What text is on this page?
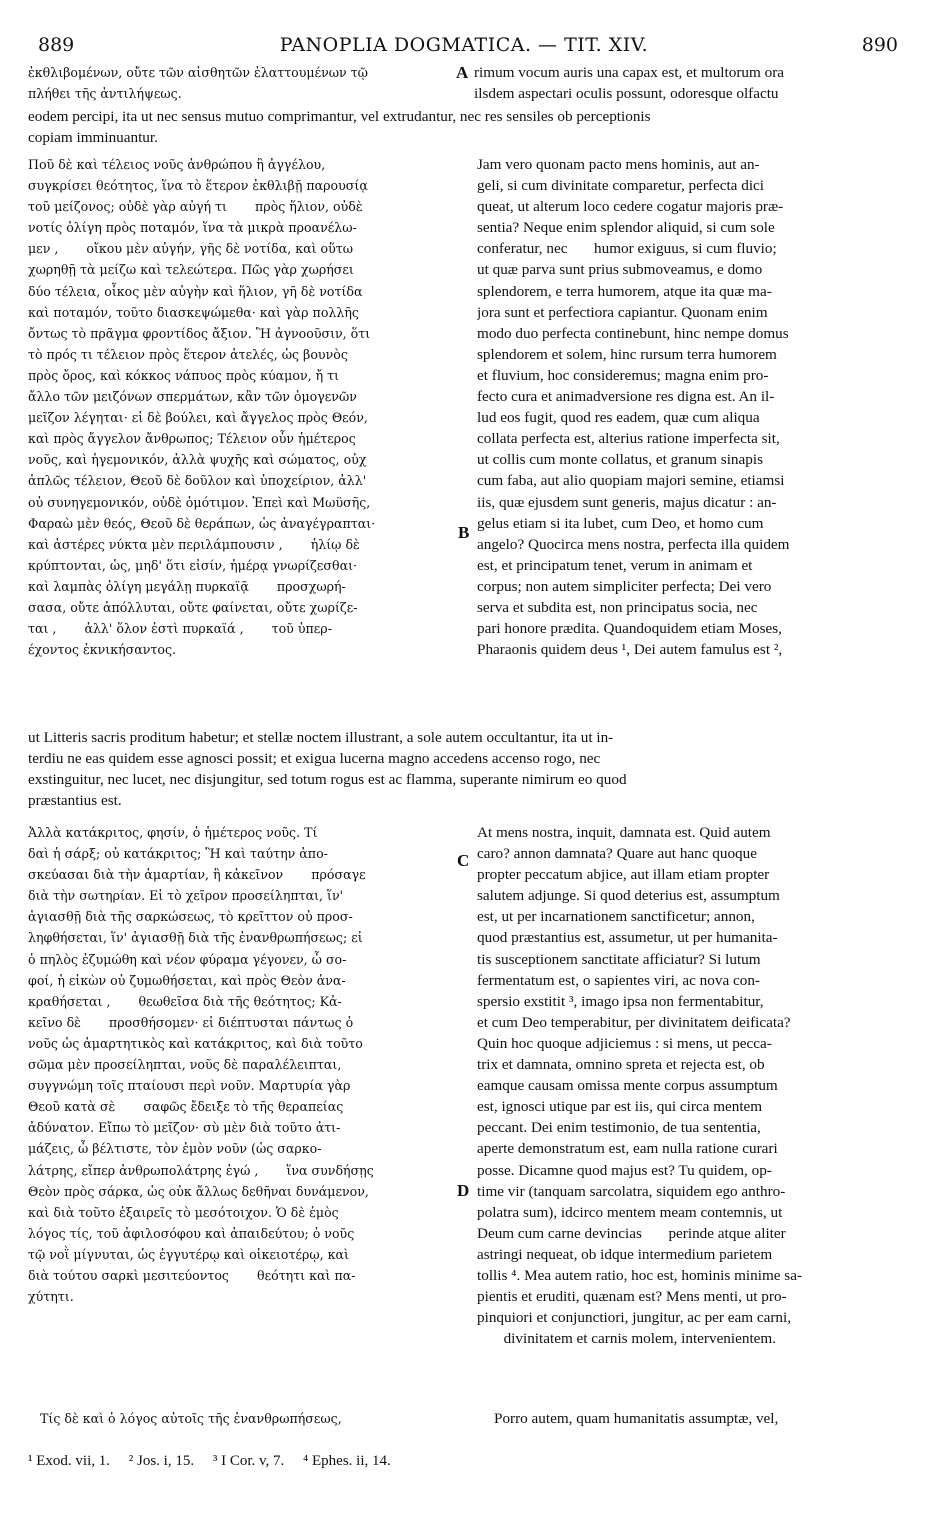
889	PANOPLIA DOGMATICA. — TIT. XIV.	890
ἐκθλιβομένων, οὔτε τῶν αἰσθητῶν ἐλαττουμένων τῷ
πλήθει τῆς ἀντιλήψεως.
A rimum vocum auris una capax est, et multorum ora
ilsdem aspectari oculis possunt, odoresque olfactu
eodem percipi, ita ut nec sensus mutuo comprimantur, vel extrudantur, nec res sensiles ob perceptionis
copiam imminuantur.
Ποῦ δὲ καὶ τέλειος νοῦς ἀνθρώπου ἢ ἀγγέλου,
συγκρίσει θεότητος, ἵνα τὸ ἕτερον ἐκθλιβῇ παρουσίᾳ
τοῦ μείζονος; οὐδὲ γὰρ αὐγή τι       πρὸς ἥλιον, οὐδὲ
νοτίς ὀλίγη πρὸς ποταμόν, ἵνα τὰ μικρὰ προανέλω-
μεν ,       οἴκου μὲν αὐγήν, γῆς δὲ νοτίδα, καὶ οὕτω
χωρηθῇ τὰ μείζω καὶ τελεώτερα. Πῶς γὰρ χωρήσει
δύο τέλεια, οἶκος μὲν αὐγὴν καὶ ἥλιον, γῆ δὲ νοτίδα
καὶ ποταμόν, τοῦτο διασκεψώμεθα· καὶ γὰρ πολλῆς
ὄντως τὸ πρᾶγμα φροντίδος ἄξιον. Ἢ ἀγνοοῦσιν, ὅτι
τὸ πρός τι τέλειον πρὸς ἕτερον ἀτελές, ὡς βουνὸς
πρὸς ὄρος, καὶ κόκκος νάπυος πρὸς κύαμον, ἤ τι
ἄλλο τῶν μειζόνων σπερμάτων, κἂν τῶν ὁμογενῶν
μεῖζον λέγηται· εἰ δὲ βούλει, καὶ ἄγγελος πρὸς Θεόν,
καὶ πρὸς ἄγγελον ἄνθρωπος; Τέλειον οὖν ἡμέτερος
νοῦς, καὶ ἡγεμονικόν, ἀλλὰ ψυχῆς καὶ σώματος, οὐχ
ἁπλῶς τέλειον, Θεοῦ δὲ δοῦλον καὶ ὑποχείριον, ἀλλ'
οὐ συνηγεμονικόν, οὐδὲ ὁμότιμον. Ἐπεὶ καὶ Μωϋσῆς,
Φαραὼ μὲν θεός, Θεοῦ δὲ θεράπων, ὡς ἀναγέγραπται·
καὶ ἀστέρες νύκτα μὲν περιλάμπουσιν ,       ἡλίῳ δὲ
κρύπτονται, ὡς, μηδ' ὅτι εἰσίν, ἡμέρᾳ γνωρίζεσθαι·
καὶ λαμπὰς ὀλίγη μεγάλῃ πυρκαϊᾷ       προσχωρή-
σασα, οὔτε ἀπόλλυται, οὔτε φαίνεται, οὔτε χωρίζε-
ται ,       ἀλλ' ὅλον ἐστὶ πυρκαϊά ,       τοῦ ὑπερ-
έχοντος ἐκνικήσαντος.
B
Jam vero quonam pacto mens hominis, aut an-
geli, si cum divinitate comparetur, perfecta dici
queat, ut alterum loco cedere cogatur majoris præ-
sentia? Neque enim splendor aliquid, si cum sole
conferatur, nec       humor exiguus, si cum fluvio;
ut quæ parva sunt prius submoveamus, e domo
splendorem, e terra humorem, atque ita quæ ma-
jora sunt et perfectiora capiantur. Quonam enim
modo duo perfecta continebunt, hinc nempe domus
splendorem et solem, hinc rursum terra humorem
et fluvium, hoc consideremus; magna enim pro-
fecto cura et animadversione res digna est. An il-
lud eos fugit, quod res eadem, quæ cum aliqua
collata perfecta est, alterius ratione imperfecta sit,
ut collis cum monte collatus, et granum sinapis
cum faba, aut alio quopiam majori semine, etiamsi
iis, quæ ejusdem sunt generis, majus dicatur : an-
gelus etiam si ita lubet, cum Deo, et homo cum
angelo? Quocirca mens nostra, perfecta illa quidem
est, et principatum tenet, verum in animam et
corpus; non autem simpliciter perfecta; Dei vero
serva et subdita est, non principatus socia, nec
pari honore prædita. Quandoquidem etiam Moses,
Pharaonis quidem deus ¹, Dei autem famulus est ²,
ut Litteris sacris proditum habetur; et stellæ noctem illustrant, a sole autem occultantur, ita ut in-
terdiu ne eas quidem esse agnosci possit; et exigua lucerna magno accedens accenso rogo, nec
exstinguitur, nec lucet, nec disjungitur, sed totum rogus est ac flamma, superante nimirum eo quod
præstantius est.
Ἀλλὰ κατάκριτος, φησίν, ὁ ἡμέτερος νοῦς. Τί
δαὶ ἡ σάρξ; οὐ κατάκριτος; Ἢ καὶ ταύτην ἀπο-
σκεύασαι διὰ τὴν ἁμαρτίαν, ἢ κἀκεῖνον       πρόσαγε
διὰ τὴν σωτηρίαν. Εἰ τὸ χεῖρον προσείληπται, ἵν'
ἁγιασθῇ διὰ τῆς σαρκώσεως, τὸ κρεῖττον οὐ προσ-
ληφθήσεται, ἵν' ἁγιασθῇ διὰ τῆς ἐνανθρωπήσεως; εἰ
ὁ πηλὸς ἐζυμώθη καὶ νέον φύραμα γέγονεν, ὦ σο-
φοί, ἡ εἰκὼν οὐ ζυμωθήσεται, καὶ πρὸς Θεὸν ἀνα-
κραθήσεται ,       θεωθεῖσα διὰ τῆς θεότητος; Κἀ-
κεῖνο δὲ       προσθήσομεν· εἰ διέπτυσται πάντως ὁ
νοῦς ὡς ἁμαρτητικὸς καὶ κατάκριτος, καὶ διὰ τοῦτο
σῶμα μὲν προσείληπται, νοῦς δὲ παραλέλειπται,
συγγνώμη τοῖς πταίουσι περὶ νοῦν. Μαρτυρία γὰρ
Θεοῦ κατὰ σὲ       σαφῶς ἔδειξε τὸ τῆς θεραπείας
ἀδύνατον. Εἴπω τὸ μεῖζον· σὺ μὲν διὰ τοῦτο ἀτι-
μάζεις, ὦ βέλτιστε, τὸν ἐμὸν νοῦν (ὡς σαρκο-
λάτρης, εἴπερ ἀνθρωπολάτρης ἐγώ ,       ἵνα συνδήσῃς
Θεὸν πρὸς σάρκα, ὡς οὐκ ἄλλως δεθῆναι δυνάμενον,
καὶ διὰ τοῦτο ἐξαιρεῖς τὸ μεσότοιχον. Ὁ δὲ ἐμὸς
λόγος τίς, τοῦ ἀφιλοσόφου καὶ ἀπαιδεύτου; ὁ νοῦς
τῷ νοῒ μίγνυται, ὡς ἐγγυτέρῳ καὶ οἰκειοτέρῳ, καὶ
διὰ τούτου σαρκὶ μεσιτεύοντος       θεότητι καὶ πα-
χύτητι.
C
D
At mens nostra, inquit, damnata est. Quid autem
caro? annon damnata? Quare aut hanc quoque
propter peccatum abjice, aut illam etiam propter
salutem adjunge. Si quod deterius est, assumptum
est, ut per incarnationem sanctificetur; annon,
quod præstantius est, assumetur, ut per humanita-
tis susceptionem sanctitate afficiatur? Si lutum
fermentatum est, o sapientes viri, ac nova con-
spersio exstitit ³, imago ipsa non fermentabitur,
et cum Deo temperabitur, per divinitatem deificata?
Quin hoc quoque adjiciemus : si mens, ut pecca-
trix et damnata, omnino spreta et rejecta est, ob
eamque causam omissa mente corpus assumptum
est, ignosci utique par est iis, qui circa mentem
peccant. Dei enim testimonio, de tua sententia,
aperte demonstratum est, eam nulla ratione curari
posse. Dicamne quod majus est? Tu quidem, op-
time vir (tanquam sarcolatra, siquidem ego anthro-
polatra sum), idcirco mentem meam contemnis, ut
Deum cum carne devincias       perinde atque aliter
astringi nequeat, ob idque intermedium parietem
tollis ⁴. Mea autem ratio, hoc est, hominis minime sa-
pientis et eruditi, quænam est? Mens menti, ut pro-
pinquiori et conjunctiori, jungitur, ac per eam carni,
divinitatem et carnis molem, intervenientem.
Τίς δὲ καὶ ὁ λόγος αὐτοῖς τῆς ἐνανθρωπήσεως,	Porro autem, quam humanitatis assumptæ, vel,
¹ Exod. vii, 1.     ² Jos. i, 15.     ³ I Cor. v, 7.     ⁴ Ephes. ii, 14.
